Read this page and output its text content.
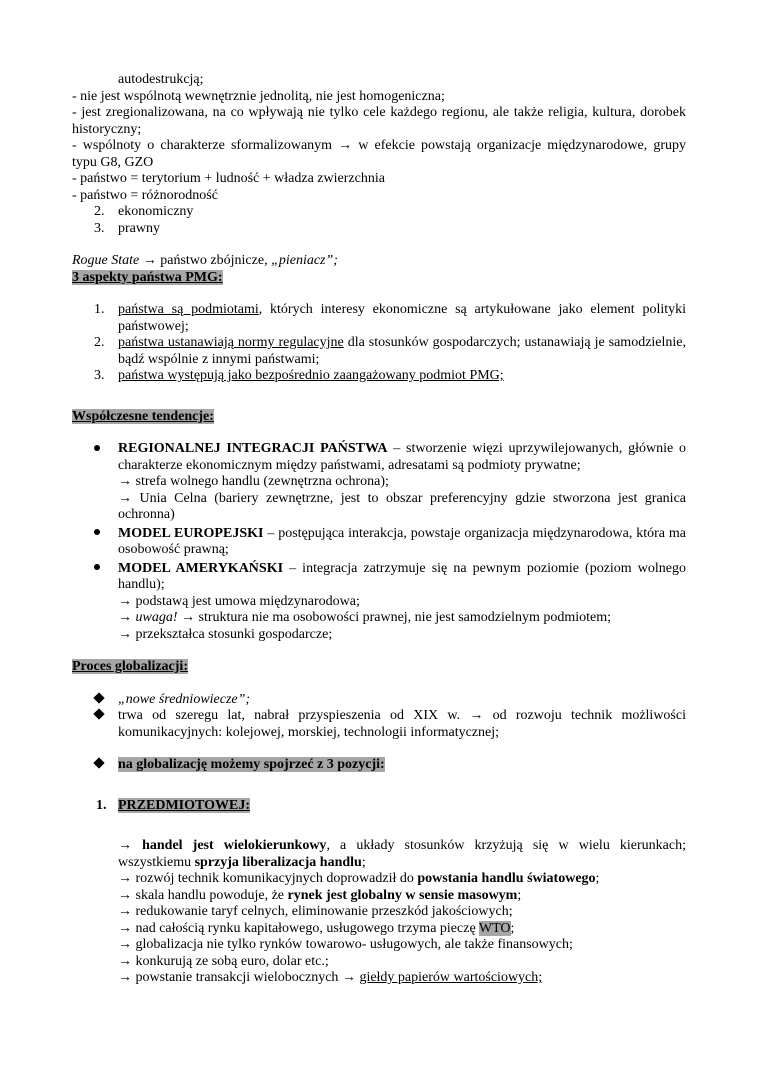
autodestrukcją;
- nie jest wspólnotą wewnętrznie jednolitą, nie jest homogeniczna;
- jest zregionalizowana, na co wpływają nie tylko cele każdego regionu, ale także religia, kultura, dorobek
historyczny;
- wspólnoty o charakterze sformalizowanym → w efekcie powstają organizacje międzynarodowe, grupy
typu G8, GZO
- państwo = terytorium + ludność + władza zwierzchnia
- państwo = różnorodność
2. ekonomiczny
3. prawny
Rogue State → państwo zbójnicze, „pieniacz”;
3 aspekty państwa PMG:
1. państwa są podmiotami, których interesy ekonomiczne są artykułowane jako element polityki
państwowej;
2. państwa ustanawiają normy regulacyjne dla stosunków gospodarczych; ustanawiają je samodzielnie,
bądź wspólnie z innymi państwami;
3. państwa występują jako bezpośrednio zaangażowany podmiot PMG;
Współczesne tendencje:
REGIONALNEJ INTEGRACJI PAŃSTWA – stworzenie więzi uprzywilejowanych, głównie o
charakterze ekonomicznym między państwami, adresatami są podmioty prywatne;
→ strefa wolnego handlu (zewnętrzna ochrona);
→ Unia Celna (bariery zewnętrzne, jest to obszar preferencyjny gdzie stworzona jest granica
ochronna)
MODEL EUROPEJSKI – postępująca interakcja, powstaje organizacja międzynarodowa, która ma
osobowość prawną;
MODEL AMERYKAŃSKI – integracja zatrzymuje się na pewnym poziomie (poziom wolnego
handlu);
→ podstawą jest umowa międzynarodowa;
→ uwaga! → struktura nie ma osobowości prawnej, nie jest samodzielnym podmiotem;
→ przekształca stosunki gospodarcze;
Proces globalizacji:
„nowe średniowiecze”;
trwa od szeregu lat, nabrał przyspieszenia od XIX w. → od rozwoju technik możliwości
komunikacyjnych: kolejowej, morskiej, technologii informatycznej;
na globalizację możemy spojrzeć z 3 pozycji:
1. PRZEDMIOTOWEJ:
→ handel jest wielokierunkowy, a układy stosunków krzyżują się w wielu kierunkach;
wszystkiemu sprzyja liberalizacja handlu;
→ rozwój technik komunikacyjnych doprowadził do powstania handlu światowego;
→ skala handlu powoduje, że rynek jest globalny w sensie masowym;
→ redukowanie taryf celnych, eliminowanie przeszkód jakościowych;
→ nad całością rynku kapitałowego, usługowego trzyma pieczę WTO;
→ globalizacja nie tylko rynków towarowo- usługowych, ale także finansowych;
→ konkurują ze sobą euro, dolar etc.;
→ powstanie transakcji wielobocznych → giełdy papierów wartościowych;
